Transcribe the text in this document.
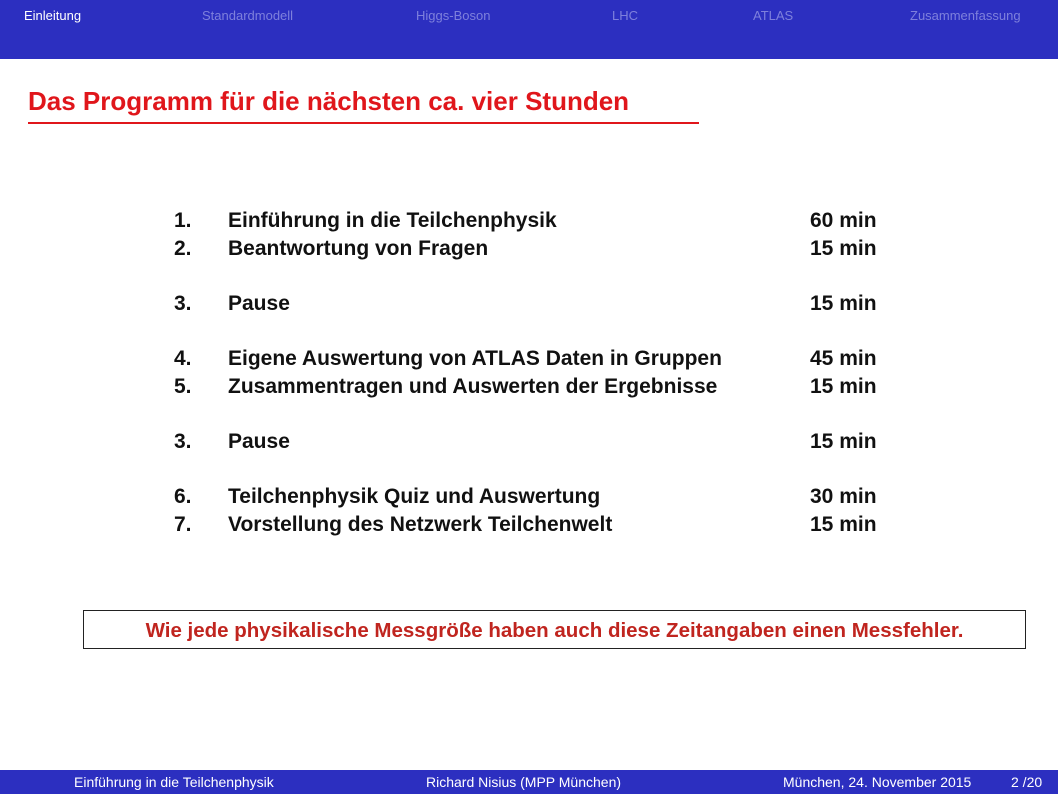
Einleitung	Standardmodell	Higgs-Boson	LHC	ATLAS	Zusammenfassung
Das Programm für die nächsten ca. vier Stunden
1. Einführung in die Teilchenphysik	60 min
2. Beantwortung von Fragen	15 min
3. Pause	15 min
4. Eigene Auswertung von ATLAS Daten in Gruppen	45 min
5. Zusammentragen und Auswerten der Ergebnisse	15 min
3. Pause	15 min
6. Teilchenphysik Quiz und Auswertung	30 min
7. Vorstellung des Netzwerk Teilchenwelt	15 min
Wie jede physikalische Messgröße haben auch diese Zeitangaben einen Messfehler.
Einführung in die Teilchenphysik	Richard Nisius (MPP München)	München, 24. November 2015	2 /20
